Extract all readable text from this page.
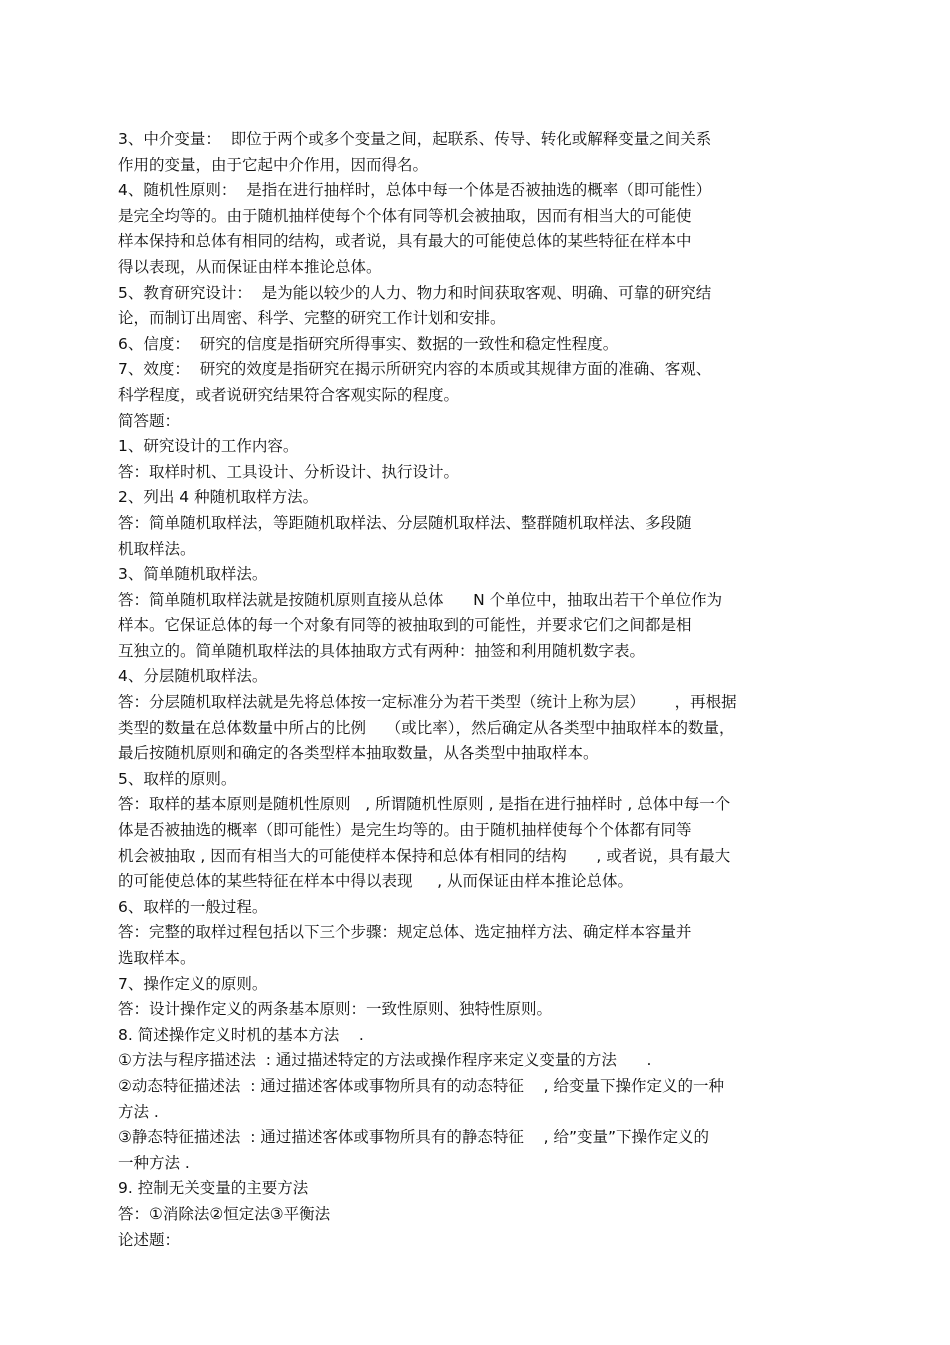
3、中介变量：  即位于两个或多个变量之间，起联系、传导、转化或解释变量之间关系
作用的变量，由于它起中介作用，因而得名。
4、随机性原则：  是指在进行抽样时，总体中每一个体是否被抽选的概率（即可能性）
是完全均等的。由于随机抽样使每个个体有同等机会被抽取，因而有相当大的可能使
样本保持和总体有相同的结构，或者说，具有最大的可能使总体的某些特征在样本中
得以表现，从而保证由样本推论总体。
5、教育研究设计：  是为能以较少的人力、物力和时间获取客观、明确、可靠的研究结
论，而制订出周密、科学、完整的研究工作计划和安排。
6、信度：  研究的信度是指研究所得事实、数据的一致性和稳定性程度。
7、效度：  研究的效度是指研究在揭示所研究内容的本质或其规律方面的准确、客观、
科学程度，或者说研究结果符合客观实际的程度。
简答题：
1、研究设计的工作内容。
答：取样时机、工具设计、分析设计、执行设计。
2、列出 4 种随机取样方法。
答：简单随机取样法，等距随机取样法、分层随机取样法、整群随机取样法、多段随
机取样法。
3、简单随机取样法。
答：简单随机取样法就是按随机原则直接从总体      N 个单位中，抽取出若干个单位作为
样本。它保证总体的每一个对象有同等的被抽取到的可能性，并要求它们之间都是相
互独立的。简单随机取样法的具体抽取方式有两种：抽签和利用随机数字表。
4、分层随机取样法。
答：分层随机取样法就是先将总体按一定标准分为若干类型（统计上称为层）      ，再根据
类型的数量在总体数量中所占的比例    （或比率），然后确定从各类型中抽取样本的数量，
最后按随机原则和确定的各类型样本抽取数量，从各类型中抽取样本。
5、取样的原则。
答：取样的基本原则是随机性原则   , 所谓随机性原则 , 是指在进行抽样时 , 总体中每一个
体是否被抽选的概率（即可能性）是完生均等的。由于随机抽样使每个个体都有同等
机会被抽取 , 因而有相当大的可能使样本保持和总体有相同的结构      , 或者说，具有最大
的可能使总体的某些特征在样本中得以表现     , 从而保证由样本推论总体。
6、取样的一般过程。
答：完整的取样过程包括以下三个步骤：规定总体、选定抽样方法、确定样本容量并
选取样本。
7、操作定义的原则。
答：设计操作定义的两条基本原则：一致性原则、独特性原则。
8. 简述操作定义时机的基本方法    .
①方法与程序描述法  : 通过描述特定的方法或操作程序来定义变量的方法      .
②动态特征描述法  : 通过描述客体或事物所具有的动态特征    , 给变量下操作定义的一种
方法 .
③静态特征描述法  : 通过描述客体或事物所具有的静态特征    , 给”变量”下操作定义的
一种方法 .
9. 控制无关变量的主要方法
答：①消除法②恒定法③平衡法
论述题：
